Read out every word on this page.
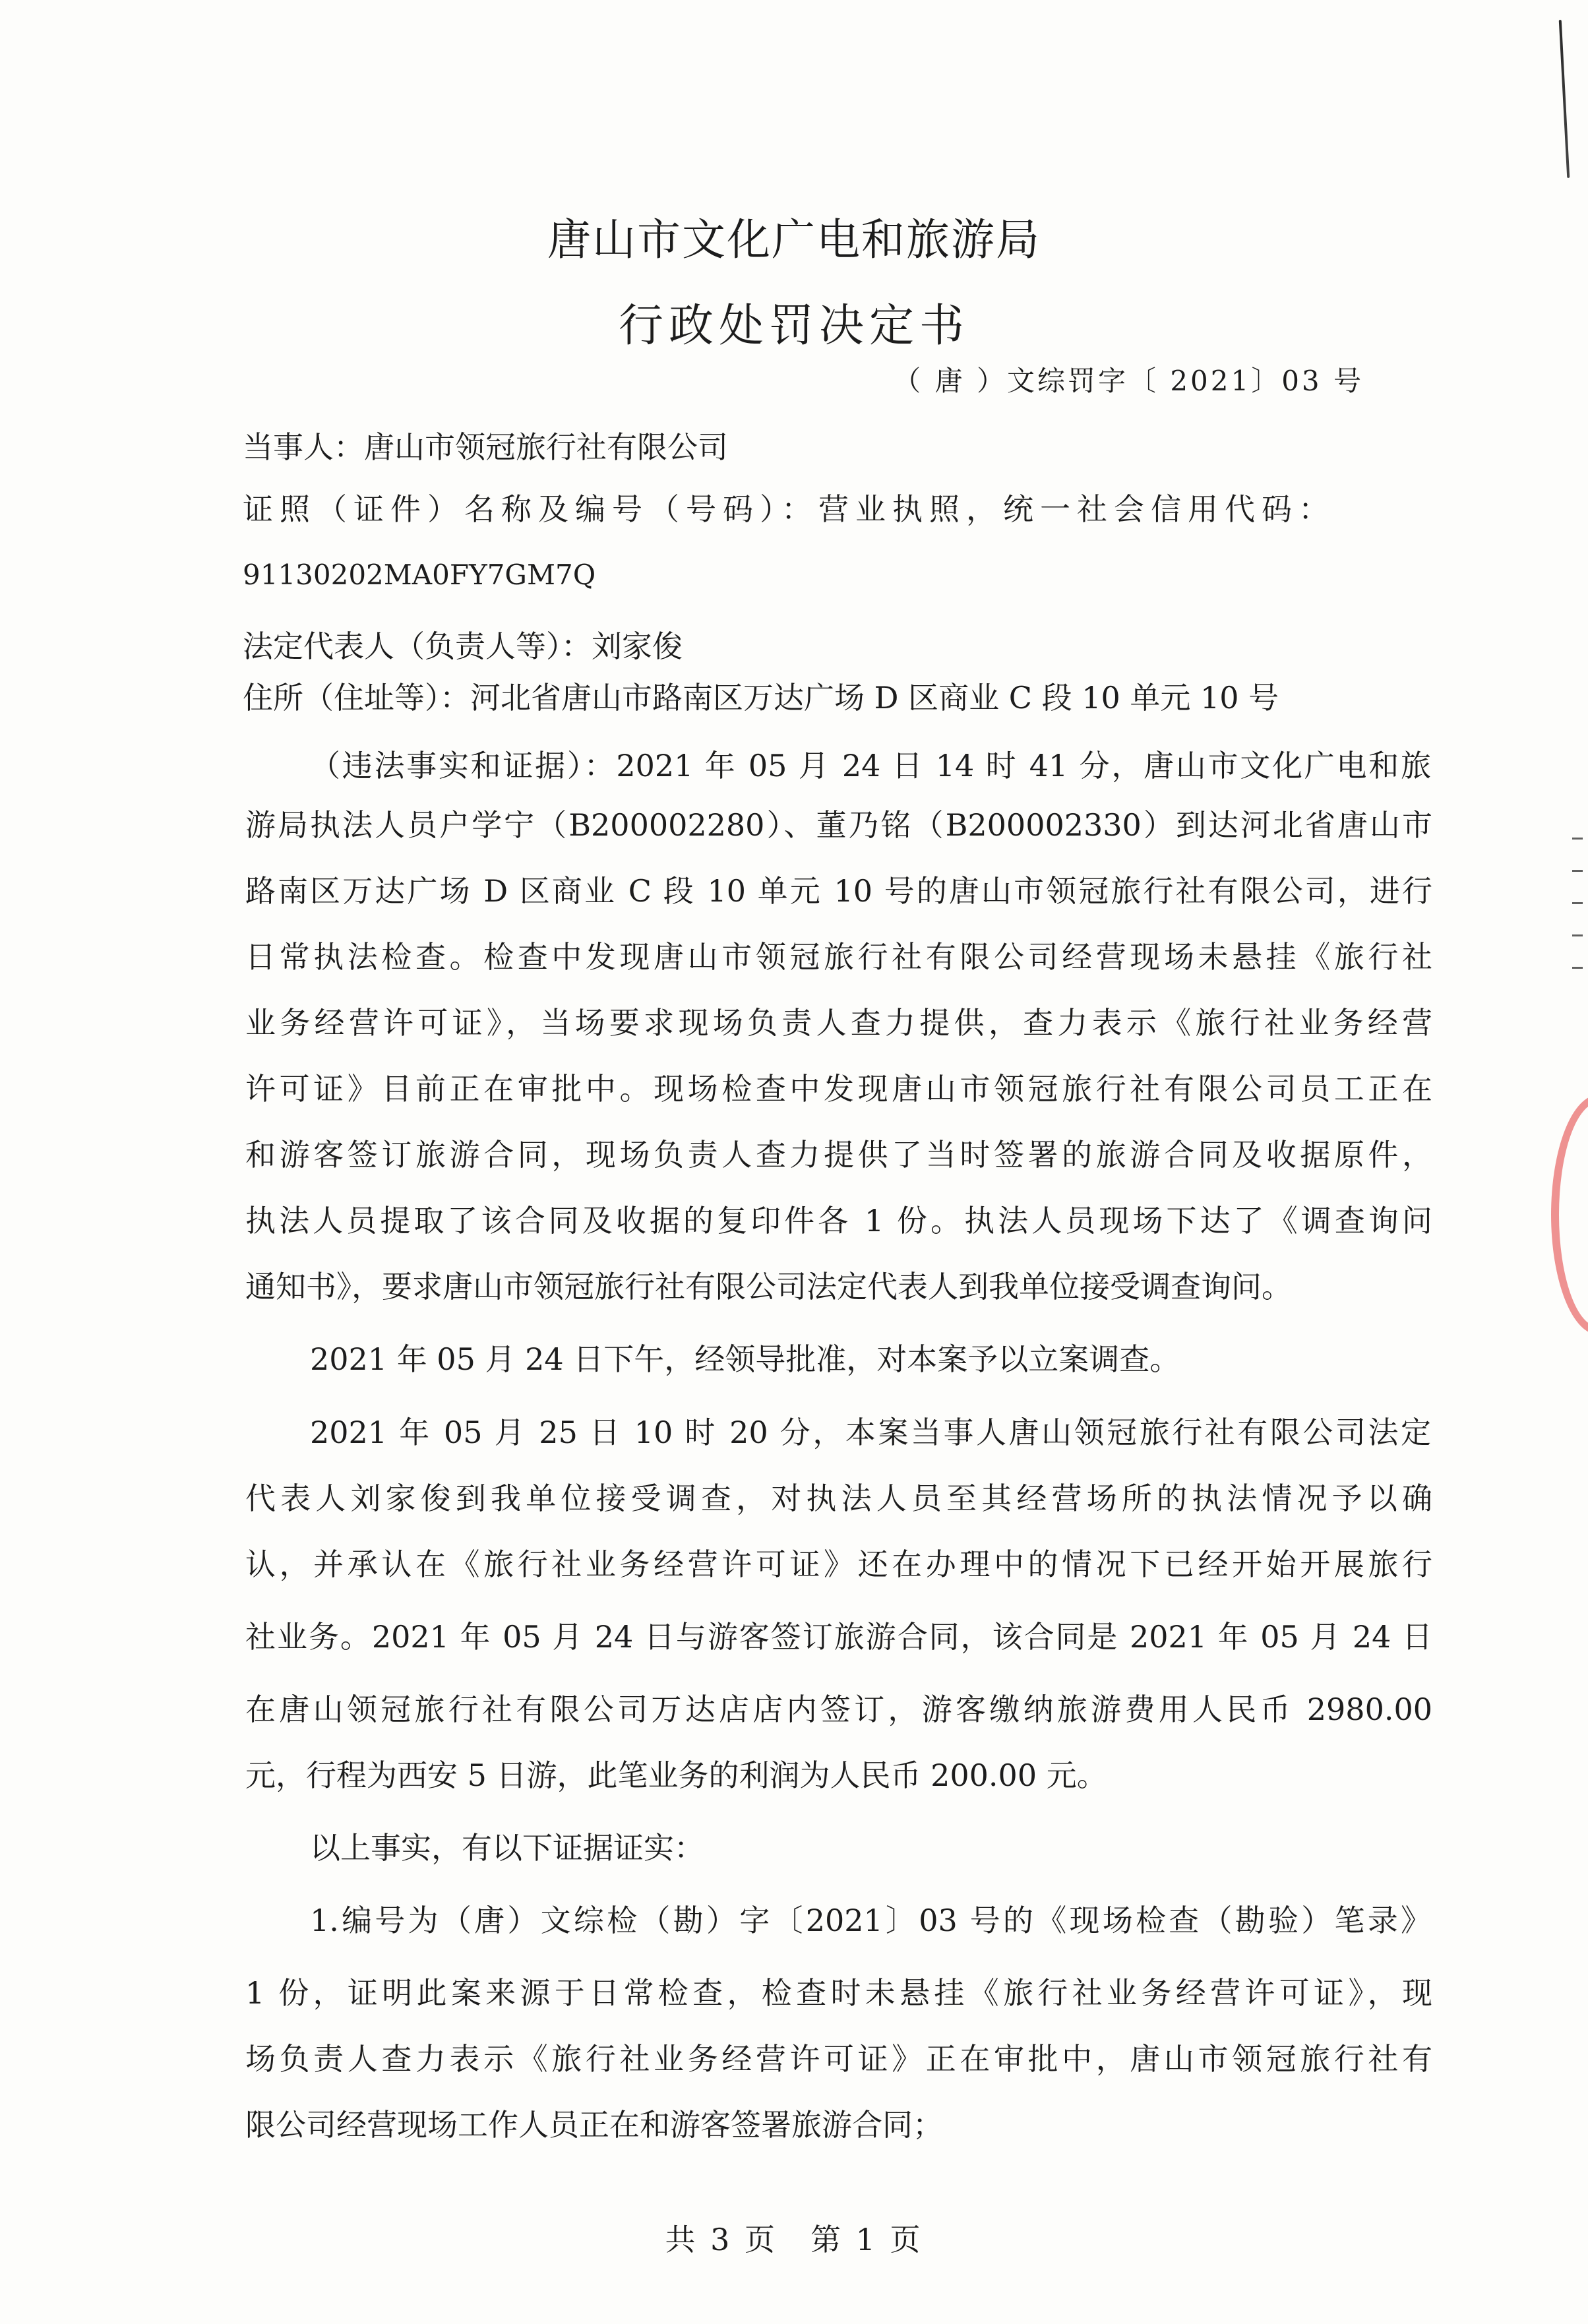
唐山市文化广电和旅游局
行政处罚决定书
（ 唐 ）文综罚字〔 2021〕03 号
当事人：唐山市领冠旅行社有限公司
证照（证件）名称及编号（号码）：营业执照，统一社会信用代码：
91130202MA0FY7GM7Q
法定代表人（负责人等）：刘家俊
住所（住址等）：河北省唐山市路南区万达广场 D 区商业 C 段 10 单元 10 号
（违法事实和证据）：2021 年 05 月 24 日 14 时 41 分，唐山市文化广电和旅
游局执法人员户学宁（B200002280）、董乃铭（B200002330）到达河北省唐山市
路南区万达广场 D 区商业 C 段 10 单元 10 号的唐山市领冠旅行社有限公司，进行
日常执法检查。检查中发现唐山市领冠旅行社有限公司经营现场未悬挂《旅行社
业务经营许可证》，当场要求现场负责人查力提供，查力表示《旅行社业务经营
许可证》目前正在审批中。现场检查中发现唐山市领冠旅行社有限公司员工正在
和游客签订旅游合同，现场负责人查力提供了当时签署的旅游合同及收据原件，
执法人员提取了该合同及收据的复印件各 1 份。执法人员现场下达了《调查询问
通知书》，要求唐山市领冠旅行社有限公司法定代表人到我单位接受调查询问。
2021 年 05 月 24 日下午，经领导批准，对本案予以立案调查。
2021 年 05 月 25 日 10 时 20 分，本案当事人唐山领冠旅行社有限公司法定
代表人刘家俊到我单位接受调查，对执法人员至其经营场所的执法情况予以确
认，并承认在《旅行社业务经营许可证》还在办理中的情况下已经开始开展旅行
社业务。2021 年 05 月 24 日与游客签订旅游合同，该合同是 2021 年 05 月 24 日
在唐山领冠旅行社有限公司万达店店内签订，游客缴纳旅游费用人民币 2980.00
元，行程为西安 5 日游，此笔业务的利润为人民币 200.00 元。
以上事实，有以下证据证实：
1.编号为（唐）文综检（勘）字〔2021〕03 号的《现场检查（勘验）笔录》
1 份，证明此案来源于日常检查，检查时未悬挂《旅行社业务经营许可证》，现
场负责人查力表示《旅行社业务经营许可证》正在审批中，唐山市领冠旅行社有
限公司经营现场工作人员正在和游客签署旅游合同；
共 3 页　第 1 页
